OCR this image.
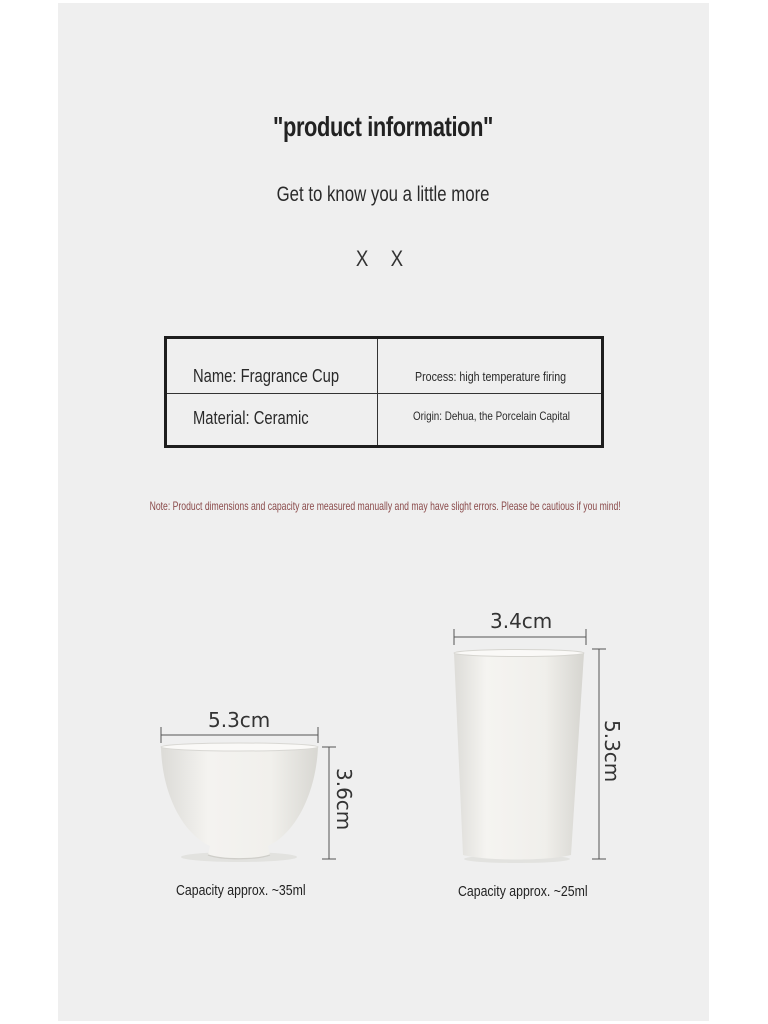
"product information"
Get to know you a little more
X X
Name: Fragrance Cup
Material: Ceramic
Process: high temperature firing
Origin: Dehua, the Porcelain Capital
Note: Product dimensions and capacity are measured manually and may have slight errors. Please be cautious if you mind!
5.3cm
3.6cm
3.4cm
5.3cm
Capacity approx. ~35ml	Capacity approx. ~25ml
